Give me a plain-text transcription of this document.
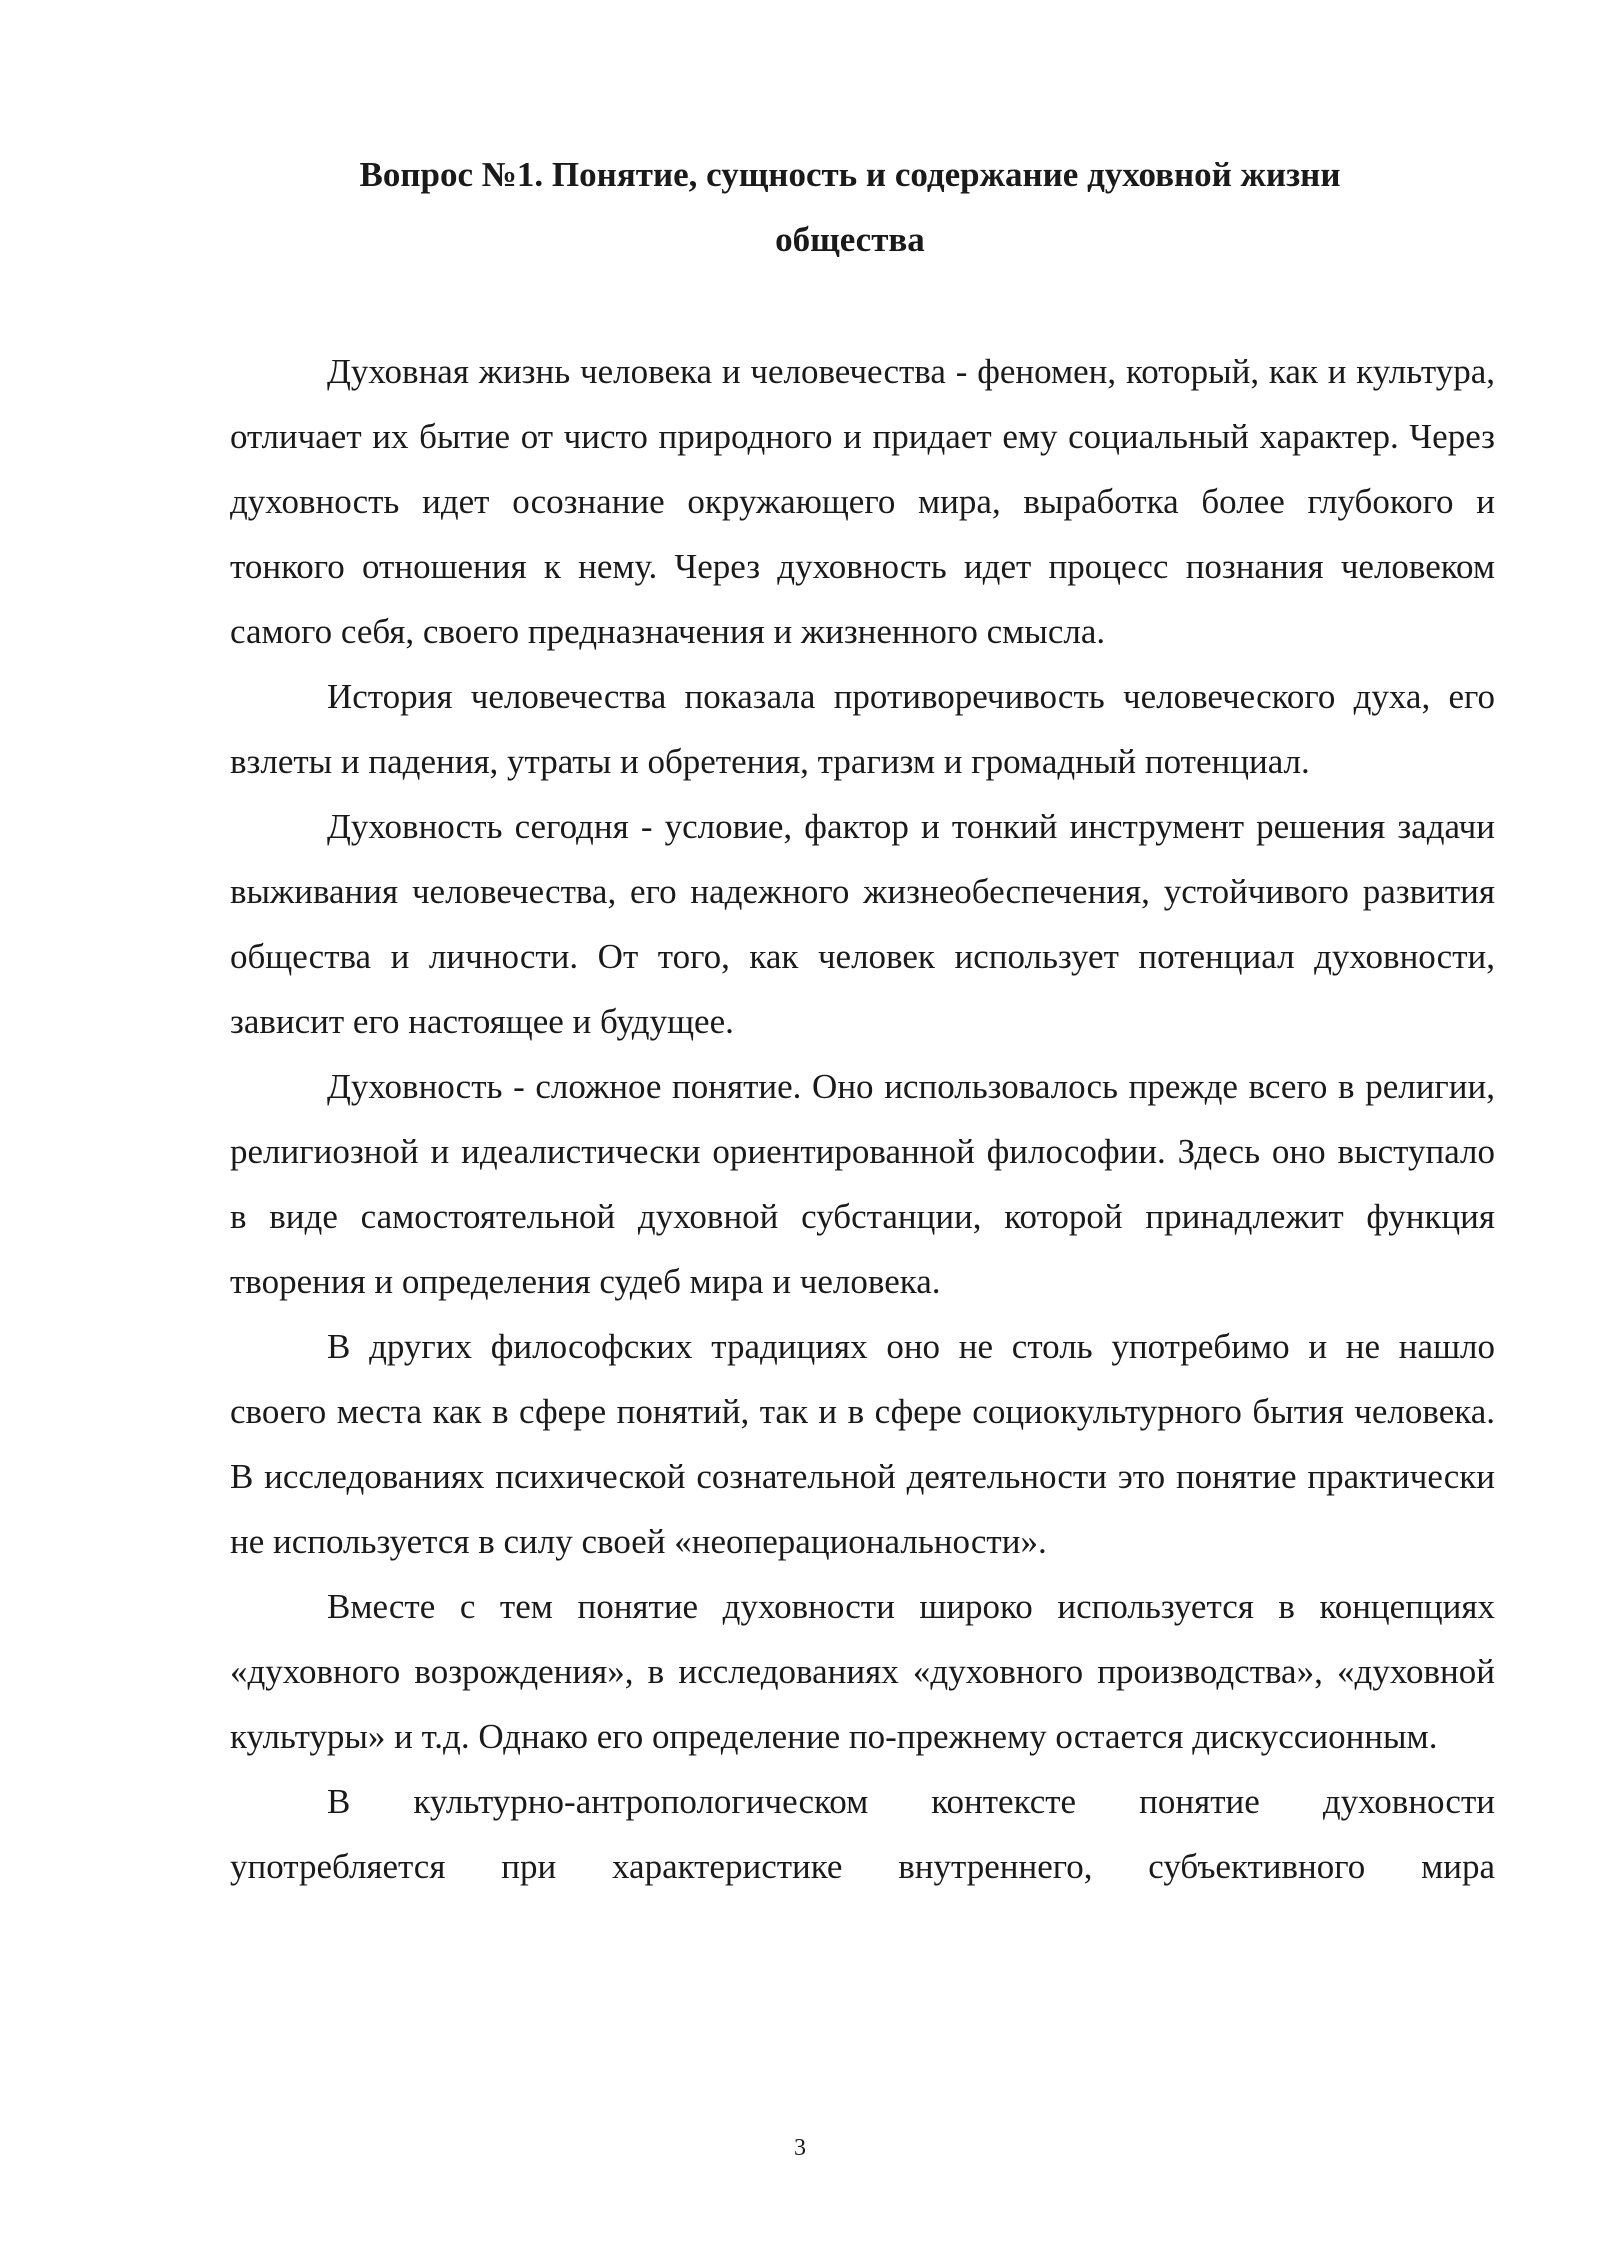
Вопрос №1. Понятие, сущность и содержание духовной жизни
общества

Духовная жизнь человека и человечества - феномен, который, как и культура, отличает их бытие от чисто природного и придает ему социальный характер. Через духовность идет осознание окружающего мира, выработка более глубокого и тонкого отношения к нему. Через духовность идет процесс познания человеком самого себя, своего предназначения и жизненного смысла.

История человечества показала противоречивость человеческого духа, его взлеты и падения, утраты и обретения, трагизм и громадный потенциал.

Духовность сегодня - условие, фактор и тонкий инструмент решения задачи выживания человечества, его надежного жизнеобеспечения, устойчивого развития общества и личности. От того, как человек использует потенциал духовности, зависит его настоящее и будущее.

Духовность - сложное понятие. Оно использовалось прежде всего в религии, религиозной и идеалистически ориентированной философии. Здесь оно выступало в виде самостоятельной духовной субстанции, которой принадлежит функция творения и определения судеб мира и человека.

В других философских традициях оно не столь употребимо и не нашло своего места как в сфере понятий, так и в сфере социокультурного бытия человека. В исследованиях психической сознательной деятельности это понятие практически не используется в силу своей «неоперациональности».

Вместе с тем понятие духовности широко используется в концепциях «духовного возрождения», в исследованиях «духовного производства», «духовной культуры» и т.д. Однако его определение по-прежнему остается дискуссионным.

В культурно-антропологическом контексте понятие духовности употребляется при характеристике внутреннего, субъективного мира

3
